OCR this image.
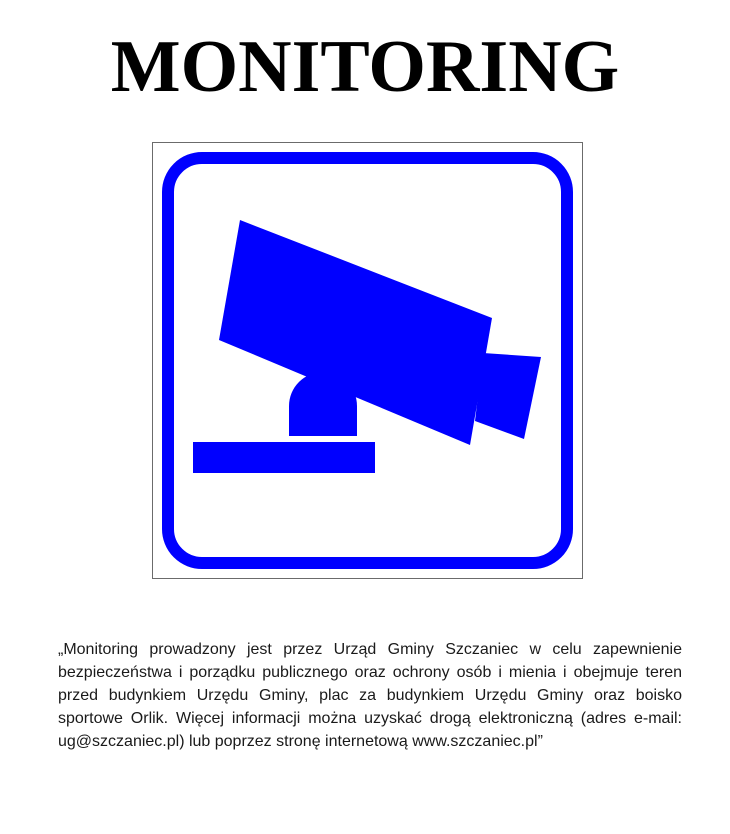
MONITORING

„Monitoring prowadzony jest przez Urząd Gminy Szczaniec w celu zapewnienie bezpieczeństwa i porządku publicznego oraz ochrony osób i mienia i obejmuje teren przed budynkiem Urzędu Gminy, plac za budynkiem Urzędu Gminy oraz boisko sportowe Orlik. Więcej informacji można uzyskać drogą elektroniczną (adres e-mail: ug@szczaniec.pl) lub poprzez stronę internetową www.szczaniec.pl”
